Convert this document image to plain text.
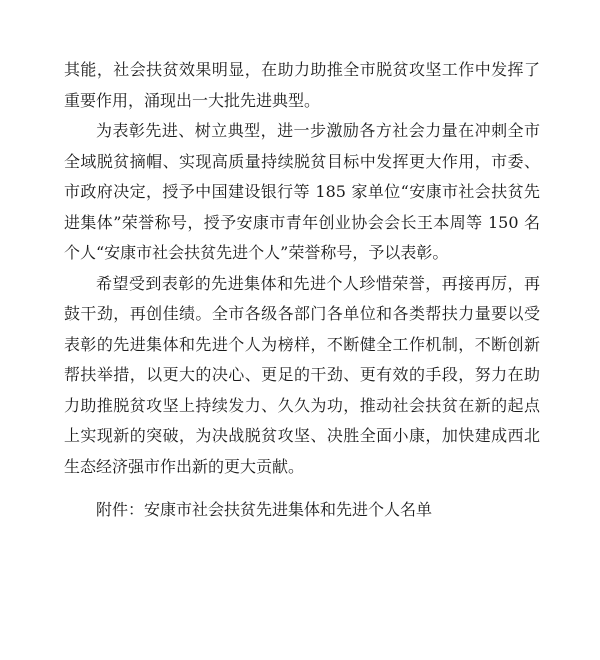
其能，社会扶贫效果明显，在助力助推全市脱贫攻坚工作中发挥了重要作用，涌现出一大批先进典型。

为表彰先进、树立典型，进一步激励各方社会力量在冲刺全市全域脱贫摘帽、实现高质量持续脱贫目标中发挥更大作用，市委、市政府决定，授予中国建设银行等 185 家单位“安康市社会扶贫先进集体”荣誉称号，授予安康市青年创业协会会长王本周等 150 名个人“安康市社会扶贫先进个人”荣誉称号，予以表彰。

希望受到表彰的先进集体和先进个人珍惜荣誉，再接再厉，再鼓干劲，再创佳绩。全市各级各部门各单位和各类帮扶力量要以受表彰的先进集体和先进个人为榜样，不断健全工作机制，不断创新帮扶举措，以更大的决心、更足的干劲、更有效的手段，努力在助力助推脱贫攻坚上持续发力、久久为功，推动社会扶贫在新的起点上实现新的突破，为决战脱贫攻坚、决胜全面小康，加快建成西北生态经济强市作出新的更大贡献。

附件：安康市社会扶贫先进集体和先进个人名单
